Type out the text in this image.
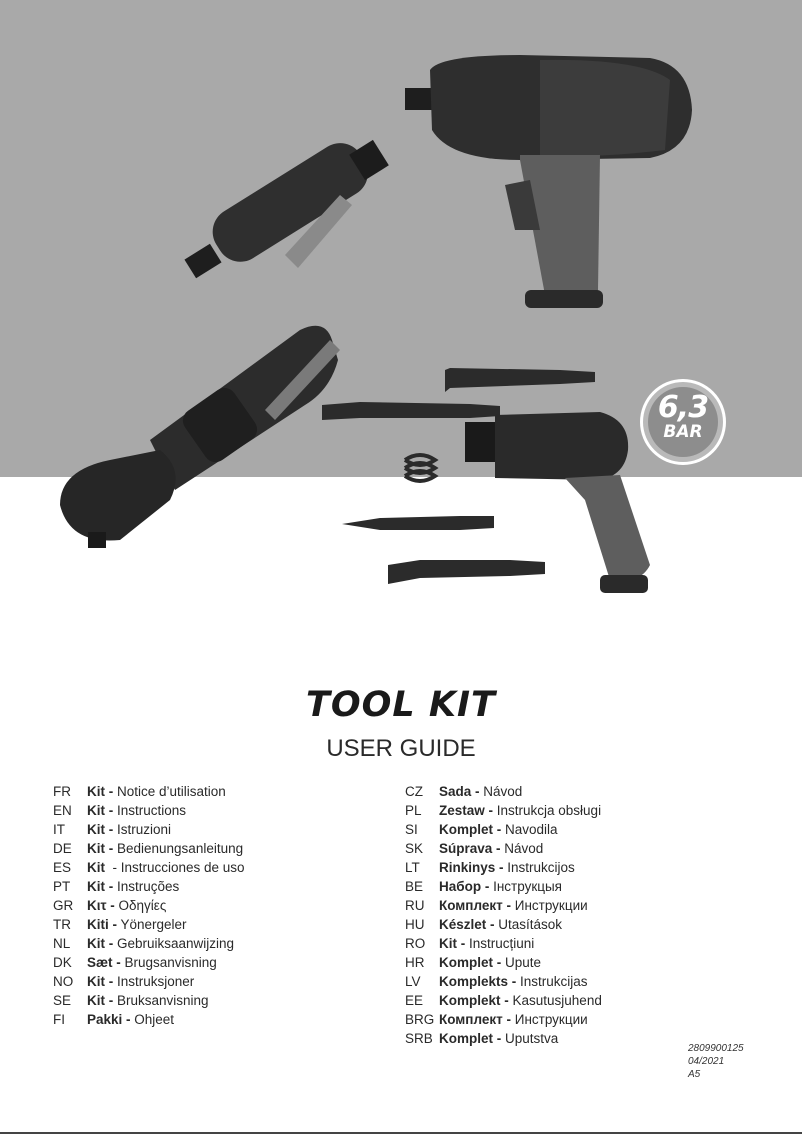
6,3
BAR
TOOL KIT
USER GUIDE
FR Kit - Notice d’utilisation
EN Kit - Instructions
IT Kit - Istruzioni
DE Kit - Bedienungsanleitung
ES Kit  - Instrucciones de uso
PT Kit - Instruções
GR Kιτ - Οδηγίες
TR Kiti - Yönergeler
NL Kit - Gebruiksaanwijzing
DK Sæt - Brugsanvisning
NO Kit - Instruksjoner
SE Kit - Bruksanvisning
FI Pakki - Ohjeet
CZ Sada - Návod
PL Zestaw - Instrukcja obsługi
SI Komplet - Navodila
SK Súprava - Návod
LT Rinkinys - Instrukcijos
BE Набор - Інструкцыя
RU Комплект - Инструкции
HU Készlet - Utasítások
RO Kit - Instrucțiuni
HR Komplet - Upute
LV Komplekts - Instrukcijas
EE Komplekt - Kasutusjuhend
BRG Комплект - Инструкции
SRB Komplet - Uputstva
2809900125
04/2021
A5
